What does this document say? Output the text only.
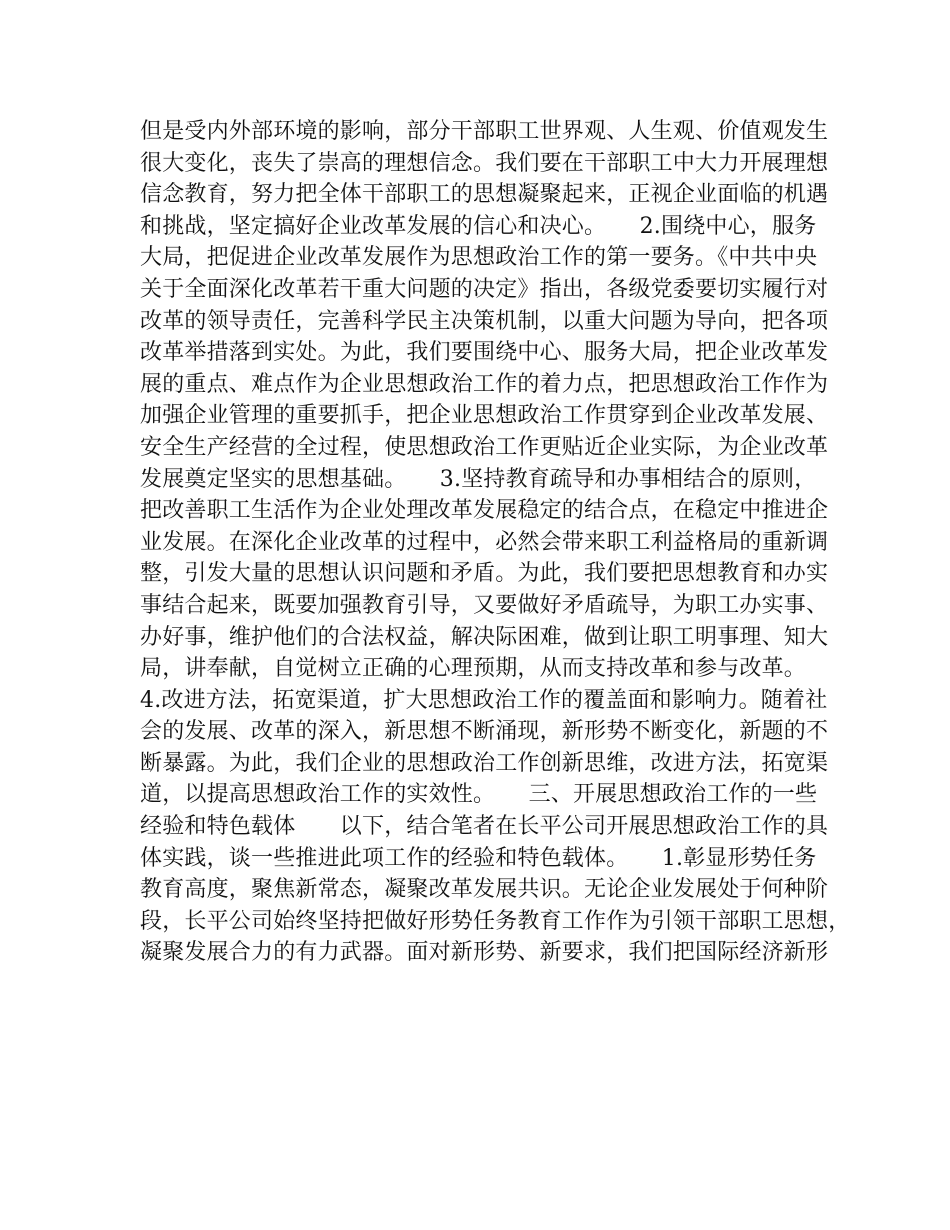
但是受内外部环境的影响，部分干部职工世界观、人生观、价值观发生
很大变化，丧失了崇高的理想信念。我们要在干部职工中大力开展理想
信念教育，努力把全体干部职工的思想凝聚起来，正视企业面临的机遇
和挑战，坚定搞好企业改革发展的信心和决心。　　2.围绕中心，服务
大局，把促进企业改革发展作为思想政治工作的第一要务。《中共中央
关于全面深化改革若干重大问题的决定》指出，各级党委要切实履行对
改革的领导责任，完善科学民主决策机制，以重大问题为导向，把各项
改革举措落到实处。为此，我们要围绕中心、服务大局，把企业改革发
展的重点、难点作为企业思想政治工作的着力点，把思想政治工作作为
加强企业管理的重要抓手，把企业思想政治工作贯穿到企业改革发展、
安全生产经营的全过程，使思想政治工作更贴近企业实际，为企业改革
发展奠定坚实的思想基础。　　3.坚持教育疏导和办事相结合的原则，
把改善职工生活作为企业处理改革发展稳定的结合点，在稳定中推进企
业发展。在深化企业改革的过程中，必然会带来职工利益格局的重新调
整，引发大量的思想认识问题和矛盾。为此，我们要把思想教育和办实
事结合起来，既要加强教育引导，又要做好矛盾疏导，为职工办实事、
办好事，维护他们的合法权益，解决际困难，做到让职工明事理、知大
局，讲奉献，自觉树立正确的心理预期，从而支持改革和参与改革。
4.改进方法，拓宽渠道，扩大思想政治工作的覆盖面和影响力。随着社
会的发展、改革的深入，新思想不断涌现，新形势不断变化，新题的不
断暴露。为此，我们企业的思想政治工作创新思维，改进方法，拓宽渠
道，以提高思想政治工作的实效性。　　三、开展思想政治工作的一些
经验和特色载体　　以下，结合笔者在长平公司开展思想政治工作的具
体实践，谈一些推进此项工作的经验和特色载体。　　1.彰显形势任务
教育高度，聚焦新常态，凝聚改革发展共识。无论企业发展处于何种阶
段，长平公司始终坚持把做好形势任务教育工作作为引领干部职工思想，
凝聚发展合力的有力武器。面对新形势、新要求，我们把国际经济新形
